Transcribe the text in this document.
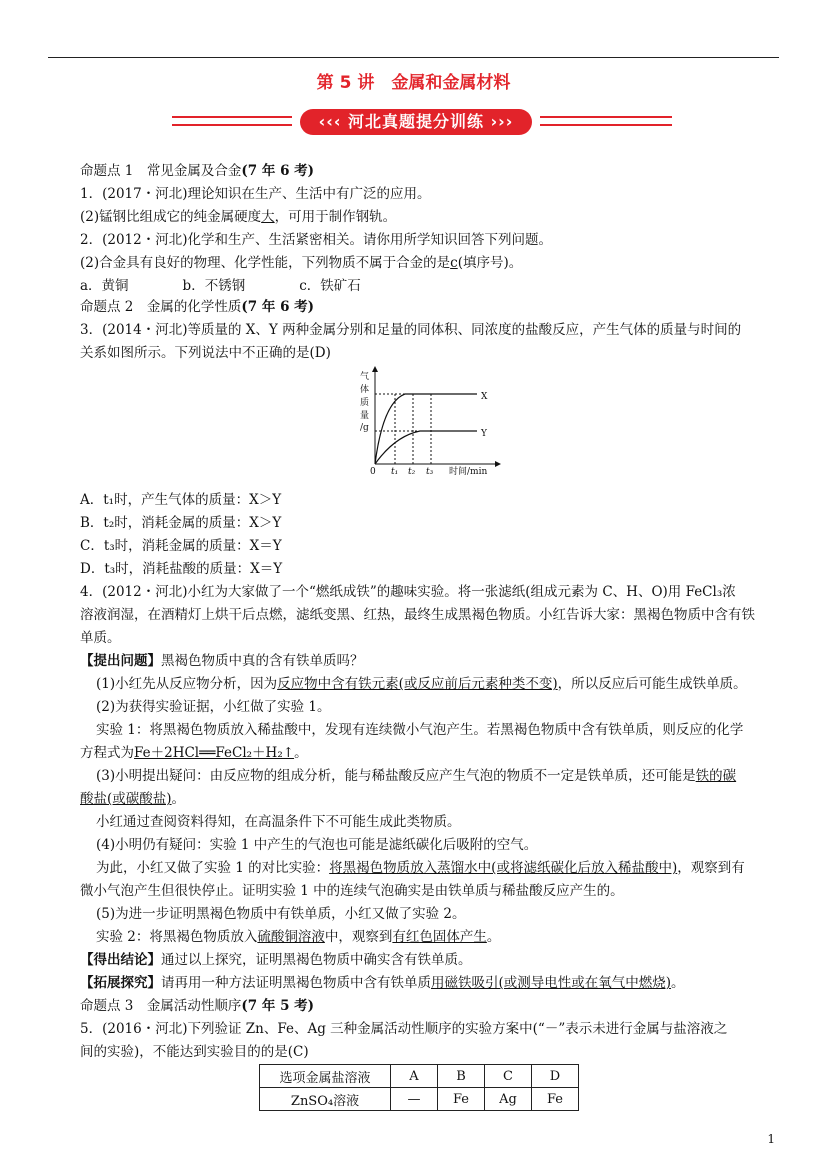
第 5 讲　金属和金属材料
‹‹‹ 河北真题提分训练 ›››
命题点 1　常见金属及合金(7 年 6 考)
1．(2017・河北)理论知识在生产、生活中有广泛的应用。
(2)锰钢比组成它的纯金属硬度大，可用于制作钢轨。
2．(2012・河北)化学和生产、生活紧密相关。请你用所学知识回答下列问题。
(2)合金具有良好的物理、化学性能，下列物质不属于合金的是c(填序号)。
a．黄铜　　　　b．不锈钢　　　　c．铁矿石
命题点 2　金属的化学性质(7 年 6 考)
3．(2014・河北)等质量的 X、Y 两种金属分别和足量的同体积、同浓度的盐酸反应，产生气体的质量与时间的
关系如图所示。下列说法中不正确的是(D)
气
体
质
量
/g
0 t₁ t₂ t₃ 时间/min
X
Y
A．t₁时，产生气体的质量：X＞Y
B．t₂时，消耗金属的质量：X＞Y
C．t₃时，消耗金属的质量：X＝Y
D．t₃时，消耗盐酸的质量：X＝Y
4．(2012・河北)小红为大家做了一个“燃纸成铁”的趣味实验。将一张滤纸(组成元素为 C、H、O)用 FeCl₃浓
溶液润湿，在酒精灯上烘干后点燃，滤纸变黑、红热，最终生成黑褐色物质。小红告诉大家：黑褐色物质中含有铁
单质。
【提出问题】黑褐色物质中真的含有铁单质吗？
(1)小红先从反应物分析，因为反应物中含有铁元素(或反应前后元素种类不变)，所以反应后可能生成铁单质。
(2)为获得实验证据，小红做了实验 1。
实验 1：将黑褐色物质放入稀盐酸中，发现有连续微小气泡产生。若黑褐色物质中含有铁单质，则反应的化学
方程式为Fe＋2HCl══FeCl₂＋H₂↑。
(3)小明提出疑问：由反应物的组成分析，能与稀盐酸反应产生气泡的物质不一定是铁单质，还可能是铁的碳
酸盐(或碳酸盐)。
小红通过查阅资料得知，在高温条件下不可能生成此类物质。
(4)小明仍有疑问：实验 1 中产生的气泡也可能是滤纸碳化后吸附的空气。
为此，小红又做了实验 1 的对比实验：将黑褐色物质放入蒸馏水中(或将滤纸碳化后放入稀盐酸中)，观察到有
微小气泡产生但很快停止。证明实验 1 中的连续气泡确实是由铁单质与稀盐酸反应产生的。
(5)为进一步证明黑褐色物质中有铁单质，小红又做了实验 2。
实验 2：将黑褐色物质放入硫酸铜溶液中，观察到有红色固体产生。
【得出结论】通过以上探究，证明黑褐色物质中确实含有铁单质。
【拓展探究】请再用一种方法证明黑褐色物质中含有铁单质用磁铁吸引(或测导电性或在氧气中燃烧)。
命题点 3　金属活动性顺序(7 年 5 考)
5．(2016・河北)下列验证 Zn、Fe、Ag 三种金属活动性顺序的实验方案中(“－”表示未进行金属与盐溶液之
间的实验)，不能达到实验目的的是(C)
选项金属盐溶液	A	B	C	D
ZnSO₄溶液	—	Fe	Ag	Fe
1
